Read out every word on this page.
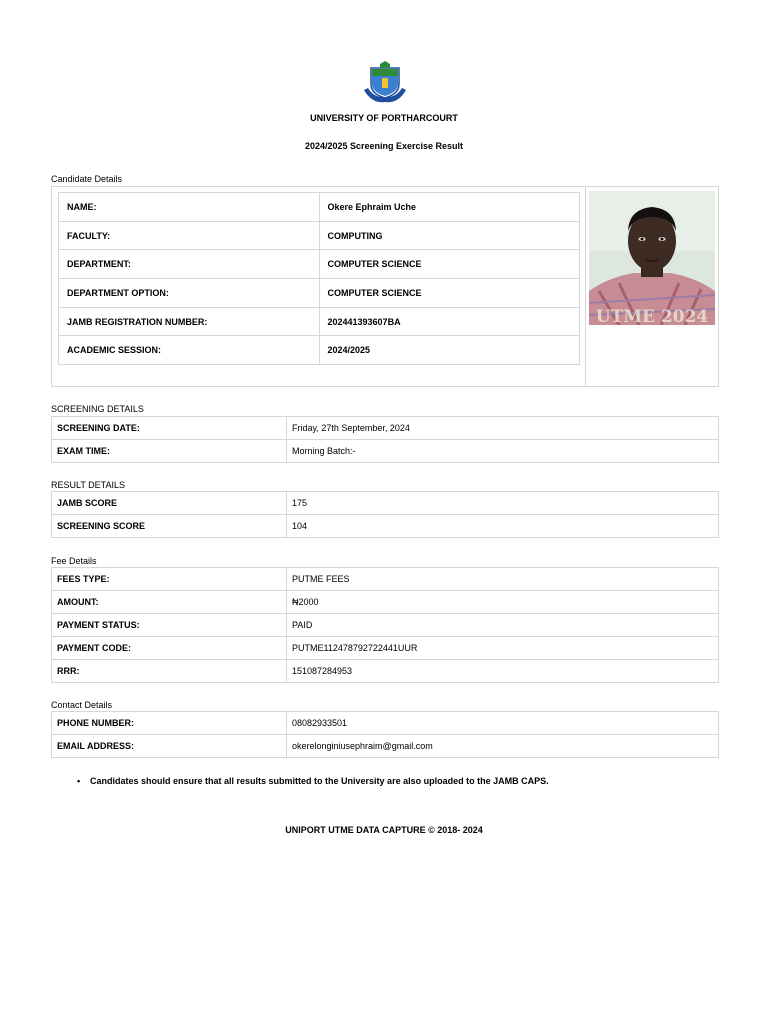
UNIVERSITY OF PORTHARCOURT
2024/2025 Screening Exercise Result
Candidate Details
NAME:	Okere Ephraim Uche
FACULTY:	COMPUTING
DEPARTMENT:	COMPUTER SCIENCE
DEPARTMENT OPTION:	COMPUTER SCIENCE
JAMB REGISTRATION NUMBER:	202441393607BA
ACADEMIC SESSION:	2024/2025
UTME 2024
SCREENING DETAILS
SCREENING DATE:	Friday, 27th September, 2024
EXAM TIME:	Morning Batch:-
RESULT DETAILS
JAMB SCORE	175
SCREENING SCORE	104
Fee Details
FEES TYPE:	PUTME FEES
AMOUNT:	₦2000
PAYMENT STATUS:	PAID
PAYMENT CODE:	PUTME112478792722441UUR
RRR:	151087284953
Contact Details
PHONE NUMBER:	08082933501
EMAIL ADDRESS:	okerelonginiusephraim@gmail.com
• Candidates should ensure that all results submitted to the University are also uploaded to the JAMB CAPS.
UNIPORT UTME DATA CAPTURE © 2018- 2024
